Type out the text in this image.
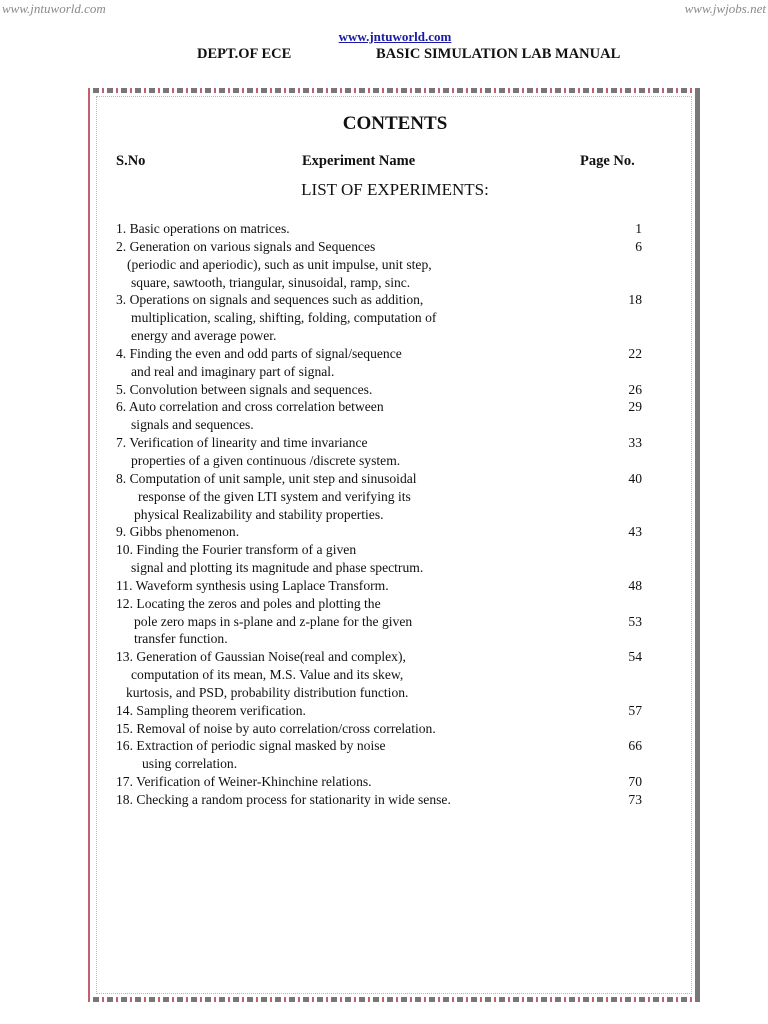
www.jntuworld.com	www.jwjobs.net
www.jntuworld.com
DEPT.OF ECE	BASIC SIMULATION LAB MANUAL
CONTENTS
S.No	Experiment Name	Page No.
LIST OF EXPERIMENTS:
1. Basic operations on matrices.	1
2. Generation on various signals and Sequences	6
(periodic and aperiodic), such as unit impulse, unit step,
square, sawtooth, triangular, sinusoidal, ramp, sinc.
3. Operations on signals and sequences such as addition,	18
multiplication, scaling, shifting, folding, computation of
energy and average power.
4. Finding the even and odd parts of signal/sequence	22
and real and imaginary part of signal.
5. Convolution between signals and sequences.	26
6. Auto correlation and cross correlation between	29
signals and sequences.
7. Verification of linearity and time invariance	33
properties of a given continuous /discrete system.
8. Computation of unit sample, unit step and sinusoidal	40
response of the given LTI system and verifying its
physical Realizability and stability properties.
9. Gibbs phenomenon.	43
10. Finding the Fourier transform of a given
signal and plotting its magnitude and phase spectrum.
11. Waveform synthesis using Laplace Transform.	48
12. Locating the zeros and poles and plotting the
pole zero maps in s-plane and z-plane for the given	53
transfer function.
13. Generation of Gaussian Noise(real and complex),	54
computation of its mean, M.S. Value and its skew,
kurtosis, and PSD, probability distribution function.
14. Sampling theorem verification.	57
15. Removal of noise by auto correlation/cross correlation.
16. Extraction of periodic signal masked by noise	66
using correlation.
17. Verification of Weiner-Khinchine relations.	70
18. Checking a random process for stationarity in wide sense.	73
